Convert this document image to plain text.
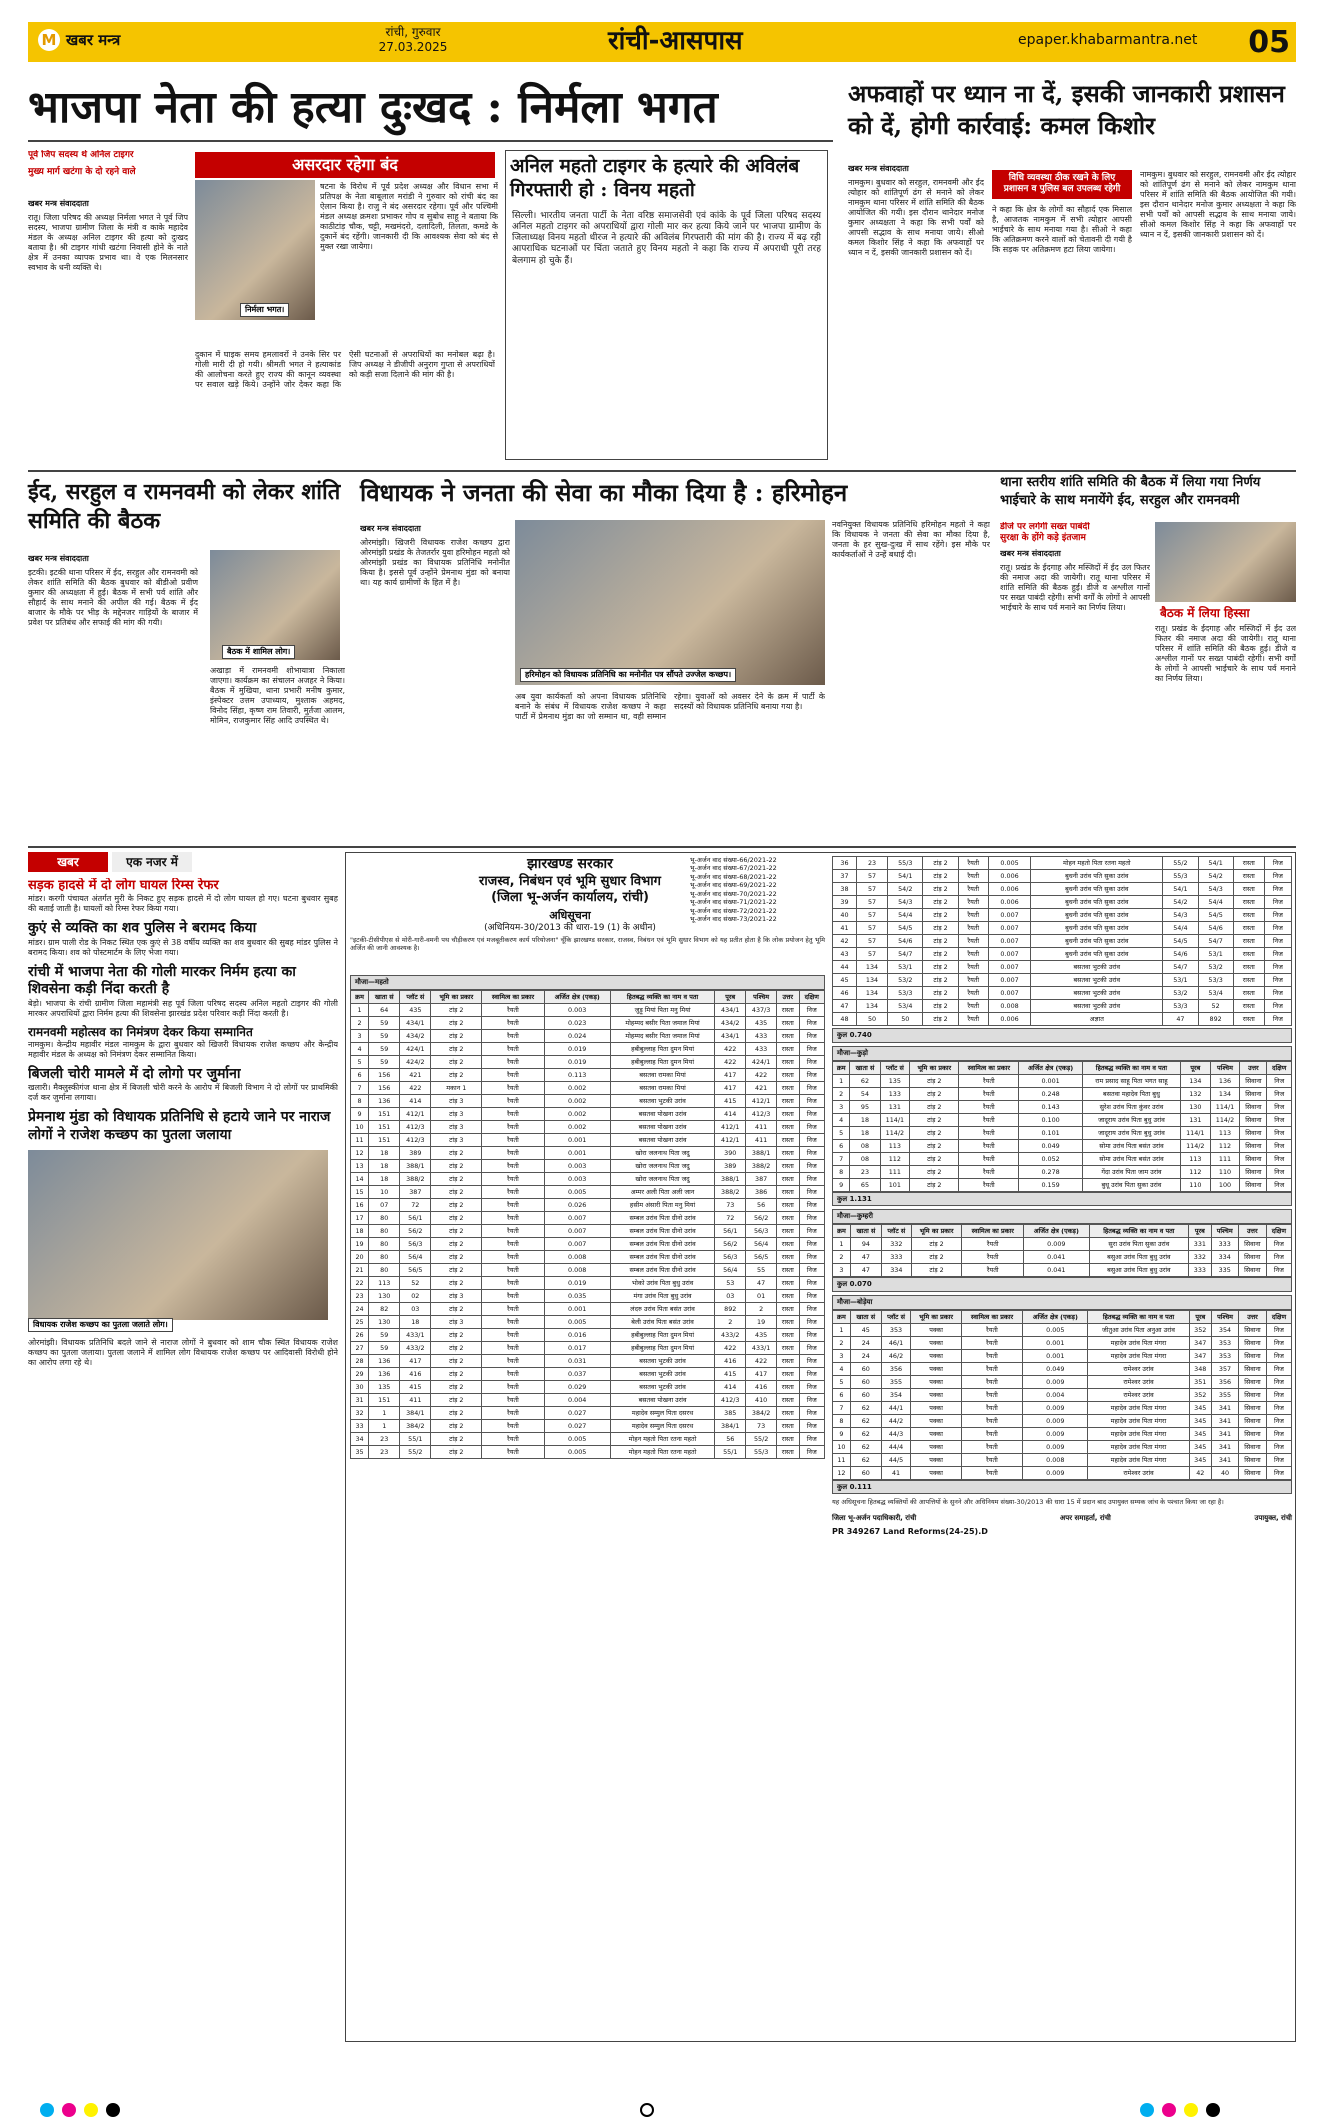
M खबर मन्त्र	रांची, गुरुवार
27.03.2025	रांची-आसपास	epaper.khabarmantra.net 05
भाजपा नेता की हत्या दुःखद : निर्मला भगत	अफवाहों पर ध्यान ना दें, इसकी जानकारी प्रशासन को दें, होगी कार्रवाई: कमल किशोर
पूर्व जिप सदस्य थे अनिल टाइगर
मुख्य मार्ग खटंगा के दो रहने वाले
खबर मन्त्र संवाददाता
रातू। जिला परिषद की अध्यक्ष निर्मला भगत ने पूर्व जिप सदस्य, भाजपा ग्रामीण जिला के मंत्री व काके महादेव मंडल के अध्यक्ष अनिल टाइगर की हत्या को दुःखद बताया है। श्री टाइगर गांधी खटंगा निवासी होने के नाते क्षेत्र में उनका व्यापक प्रभाव था। वे एक मिलनसार स्वभाव के धनी व्यक्ति थे।
असरदार रहेगा बंद
निर्मला भगत।
षटना के विरोध में पूर्व प्रदेश अध्यक्ष और विधान सभा में प्रतिपक्ष के नेता बाबूलाल मरांडी ने गुरुवार को रांची बंद का ऐलान किया है। राजु ने बंद असरदार रहेगा। पूर्व और पश्चिमी मंडल अध्यक्ष क्रमशः प्रभाकर गोप व सुबोध साहू ने बताया कि काठीटांड़ चौक, चट्टी, मखमंदरो, दलादिली, तिलता, कमडे के दुकानें बंद रहेंगी। जानकारी दी कि आवश्यक सेवा को बंद से मुक्त रखा जायेगा।
दुकान में घाइक समय हमलावरों ने उनके सिर पर गोली मारी दी हो गयी। श्रीमती भगत ने हत्याकांड की आलोचना करते हुए राज्य की कानून व्यवस्था पर सवाल खड़े किये। उन्होंने जोर देकर कहा कि ऐसी घटनाओं से अपराधियों का मनोबल बढ़ा है। जिप अध्यक्ष ने डीजीपी अनुराग गुप्ता से अपराधियों को कड़ी सजा दिलाने की मांग की है।
अनिल महतो टाइगर के हत्यारे की अविलंब गिरफ्तारी हो : विनय महतो
सिल्ली। भारतीय जनता पार्टी के नेता वरिष्ठ समाजसेवी एवं कांके के पूर्व जिला परिषद सदस्य अनिल महतो टाइगर को अपराधियों द्वारा गोली मार कर हत्या किये जाने पर भाजपा ग्रामीण के जिलाध्यक्ष विनय महतो धीरज ने हत्यारे की अविलंब गिरफ्तारी की मांग की है। राज्य में बढ़ रही आपराधिक घटनाओं पर चिंता जताते हुए विनय महतो ने कहा कि राज्य में अपराधी पूरी तरह बेलगाम हो चुके हैं।
खबर मन्त्र संवाददाता
नामकुम। बुधवार को सरहुल, रामनवमी और ईद त्योहार को शांतिपूर्ण ढंग से मनाने को लेकर नामकुम थाना परिसर में शांति समिति की बैठक आयोजित की गयी। इस दौरान थानेदार मनोज कुमार अध्यक्षता ने कहा कि सभी पर्वों को आपसी सद्भाव के साथ मनाया जाये। सीओ कमल किशोर सिंह ने कहा कि अफवाहों पर ध्यान न दें, इसकी जानकारी प्रशासन को दें।
विधि व्यवस्था ठीक रखने के लिए प्रशासन व पुलिस बल उपलब्ध रहेगी
ने कहा कि क्षेत्र के लोगों का सौहार्द एक मिसाल है, आजतक नामकुम में सभी त्योहार आपसी भाईचारे के साथ मनाया गया है। सीओ ने कहा कि अतिक्रमण करने वालों को चेतावनी दी गयी है कि सड़क पर अतिक्रमण हटा लिया जायेगा।
नामकुम। बुधवार को सरहुल, रामनवमी और ईद त्योहार को शांतिपूर्ण ढंग से मनाने को लेकर नामकुम थाना परिसर में शांति समिति की बैठक आयोजित की गयी। इस दौरान थानेदार मनोज कुमार अध्यक्षता ने कहा कि सभी पर्वों को आपसी सद्भाव के साथ मनाया जाये। सीओ कमल किशोर सिंह ने कहा कि अफवाहों पर ध्यान न दें, इसकी जानकारी प्रशासन को दें।
ईद, सरहुल व रामनवमी को लेकर शांति समिति की बैठक
खबर मन्त्र संवाददाता
इटकी। इटकी थाना परिसर में ईद, सरहुल और रामनवमी को लेकर शांति समिति की बैठक बुधवार को बीडीओ प्रवीण कुमार की अध्यक्षता में हुई। बैठक में सभी पर्व शांति और सौहार्द के साथ मनाने की अपील की गई। बैठक में ईद बाजार के मौके पर भीड़ के मद्देनजर गाड़ियों के बाजार में प्रवेश पर प्रतिबंध और सफाई की मांग की गयी।
बैठक में शामिल लोग।
अखाड़ा में रामनवमी शोभायात्रा निकाला जाएगा। कार्यक्रम का संचालन अजहर ने किया। बैठक में मुखिया, थाना प्रभारी मनीष कुमार, इंस्पेक्टर उत्तम उपाध्याय, मुश्ताक अहमद, विनोद सिंहा, कृष्ण राम तिवारी, मुर्तजा आलम, मोमिन, राजकुमार सिंह आदि उपस्थित थे।
विधायक ने जनता की सेवा का मौका दिया है : हरिमोहन
खबर मन्त्र संवाददाता
ओरमांझी। खिजरी विधायक राजेश कच्छप द्वारा ओरमांझी प्रखंड के तेजतर्रार युवा हरिमोहन महतो को ओरमांझी प्रखंड का विधायक प्रतिनिधि मनोनीत किया है। इससे पूर्व उन्होंने प्रेमनाथ मुंडा को बनाया था। यह कार्य ग्रामीणों के हित में है।
हरिमोहन को विधायक प्रतिनिधि का मनोनीत पत्र सौंपते उज्जेल कच्छप।
अब युवा कार्यकर्ता को अपना विधायक प्रतिनिधि बनाने के संबंध में विधायक राजेश कच्छप ने कहा पार्टी में प्रेमनाथ मुंडा का जो सम्मान था, वही सम्मान रहेगा। युवाओं को अवसर देने के क्रम में पार्टी के सदस्यों को विधायक प्रतिनिधि बनाया गया है।
नवनियुक्त विधायक प्रतिनिधि हरिमोहन महतो ने कहा कि विधायक ने जनता की सेवा का मौका दिया है, जनता के हर सुख-दुःख में साथ रहेंगे। इस मौके पर कार्यकर्ताओं ने उन्हें बधाई दी।
थाना स्तरीय शांति समिति की बैठक में लिया गया निर्णय भाईचारे के साथ मनायेंगे ईद, सरहुल और रामनवमी
डीजे पर लगेगी सख्त पाबंदी
सुरक्षा के होंगे कड़े इंतजाम
खबर मन्त्र संवाददाता
रातू। प्रखंड के ईदगाह और मस्जिदों में ईद उल फितर की नमाज अदा की जायेगी। रातू थाना परिसर में शांति समिति की बैठक हुई। डीजे व अश्लील गानों पर सख्त पाबंदी रहेगी। सभी वर्गों के लोगों ने आपसी भाईचारे के साथ पर्व मनाने का निर्णय लिया।	बैठक में लिया हिस्सा
रातू। प्रखंड के ईदगाह और मस्जिदों में ईद उल फितर की नमाज अदा की जायेगी। रातू थाना परिसर में शांति समिति की बैठक हुई। डीजे व अश्लील गानों पर सख्त पाबंदी रहेगी। सभी वर्गों के लोगों ने आपसी भाईचारे के साथ पर्व मनाने का निर्णय लिया।
खबर	एक नजर में
सड़क हादसे में दो लोग घायल रिम्स रेफर
मांडर। करगी पंचायत अंतर्गत मुरी के निकट हुए सड़क हादसे में दो लोग घायल हो गए। घटना बुधवार सुबह की बताई जाती है। घायलों को रिम्स रेफर किया गया।
कुएं से व्यक्ति का शव पुलिस ने बरामद किया
मांडर। ग्राम पाली रोड के निकट स्थित एक कुएं से 38 वर्षीय व्यक्ति का शव बुधवार की सुबह मांडर पुलिस ने बरामद किया। शव को पोस्टमार्टम के लिए भेजा गया।
रांची में भाजपा नेता की गोली मारकर निर्मम हत्या का शिवसेना कड़ी निंदा करती है
बेड़ो। भाजपा के रांची ग्रामीण जिला महामंत्री सह पूर्व जिला परिषद सदस्य अनिल महतो टाइगर की गोली मारकर अपराधियों द्वारा निर्मम हत्या की शिवसेना झारखंड प्रदेश परिवार कड़ी निंदा करती है।
रामनवमी महोत्सव का निमंत्रण देकर किया सम्मानित
नामकुम। केन्द्रीय महावीर मंडल नामकुम के द्वारा बुधवार को खिजरी विधायक राजेश कच्छप और केन्द्रीय महावीर मंडल के अध्यक्ष को निमंत्रण देकर सम्मानित किया।
बिजली चोरी मामले में दो लोगो पर जुर्माना
खलारी। मैक्लुस्कीगंज थाना क्षेत्र में बिजली चोरी करने के आरोप में बिजली विभाग ने दो लोगों पर प्राथमिकी दर्ज कर जुर्माना लगाया।
प्रेमनाथ मुंडा को विधायक प्रतिनिधि से हटाये जाने पर नाराज लोगों ने राजेश कच्छप का पुतला जलाया
विधायक राजेश कच्छप का पुतला जलाते लोग।
ओरमांझी। विधायक प्रतिनिधि बदले जाने से नाराज लोगों ने बुधवार को शाम चौक स्थित विधायक राजेश कच्छप का पुतला जलाया। पुतला जलाने में शामिल लोग विधायक राजेश कच्छप पर आदिवासी विरोधी होने का आरोप लगा रहे थे।
झारखण्ड सरकार
राजस्व, निबंधन एवं भूमि सुधार विभाग
(जिला भू-अर्जन कार्यालय, रांची)
अधिसूचना
(अधिनियम-30/2013 की धारा-19 (1) के अधीन)
भू-अर्जन वाद संख्या-66/2021-22
भू-अर्जन वाद संख्या-67/2021-22
भू-अर्जन वाद संख्या-68/2021-22
भू-अर्जन वाद संख्या-69/2021-22
भू-अर्जन वाद संख्या-70/2021-22
भू-अर्जन वाद संख्या-71/2021-22
भू-अर्जन वाद संख्या-72/2021-22
भू-अर्जन वाद संख्या-73/2021-22
"इटकी-टीसीपीएस से मोरी-गारी-वमनी पथ चौड़ीकरण एवं मजबूतीकरण कार्य परियोजना" चूँकि झारखण्ड सरकार, राजस्व, निबंधन एवं भूमि सुधार विभाग को यह प्रतीत होता है कि लोक प्रयोजन हेतु भूमि अर्जित की जानी आवश्यक है।
मौजा—महतो
क्रम	खाता सं	प्लॉट सं	भूमि का प्रकार	स्वामित्व का प्रकार	अर्जित क्षेत्र (एकड़)	हितबद्ध व्यक्ति का नाम व पता	पूरब	पश्चिम	उत्तर	दक्षिण
1	64	435	टांड़ 2	रैयती	0.003	जुड़ू मियां पिता मनु मियां	434/1	437/3	रास्ता	निज
2	59	434/1	टांड़ 2	रैयती	0.023	मोहम्मद बसीर पिता जमाल मियां	434/2	435	रास्ता	निज
3	59	434/2	टांड़ 2	रैयती	0.024	मोहम्मद बसीर पिता जमाल मियां	434/1	433	रास्ता	निज
4	59	424/1	टांड़ 2	रैयती	0.019	हबीबुल्लाह पिता दुमन मियां	422	433	रास्ता	निज
5	59	424/2	टांड़ 2	रैयती	0.019	हबीबुल्लाह पिता दुमन मियां	422	424/1	रास्ता	निज
6	156	421	टांड़ 2	रैयती	0.113	बसतवा रामका मियां	417	422	रास्ता	निज
7	156	422	मकान 1	रैयती	0.002	बसतवा रामका मियां	417	421	रास्ता	निज
8	136	414	टांड़ 3	रैयती	0.002	बसतवा भुटकी उरांव	415	412/1	रास्ता	निज
9	151	412/1	टांड़ 3	रैयती	0.002	बसतवा पोखना उरांव	414	412/3	रास्ता	निज
10	151	412/3	टांड़ 3	रैयती	0.002	बसतवा पोखना उरांव	412/1	411	रास्ता	निज
11	151	412/3	टांड़ 3	रैयती	0.001	बसतवा पोखना उरांव	412/1	411	रास्ता	निज
12	18	389	टांड़ 2	रैयती	0.001	खोरा जलनाथ पिता जदु	390	388/1	रास्ता	निज
13	18	388/1	टांड़ 2	रैयती	0.003	खोरा जलनाथ पिता जदु	389	388/2	रास्ता	निज
14	18	388/2	टांड़ 2	रैयती	0.003	खोरा जलनाथ पिता जदु	388/1	387	रास्ता	निज
15	10	387	टांड़ 2	रैयती	0.005	अम्मर अली पिता अली जान	388/2	386	रास्ता	निज
16	07	72	टांड़ 2	रैयती	0.026	हसीम अंसारी पिता मनु मियां	73	56	रास्ता	निज
17	80	56/1	टांड़ 2	रैयती	0.007	सम्बल उरांव पिता ग्रीनो उरांव	72	56/2	रास्ता	निज
18	80	56/2	टांड़ 2	रैयती	0.007	सम्बल उरांव पिता ग्रीनो उरांव	56/1	56/3	रास्ता	निज
19	80	56/3	टांड़ 2	रैयती	0.007	सम्बल उरांव पिता ग्रीनो उरांव	56/2	56/4	रास्ता	निज
20	80	56/4	टांड़ 2	रैयती	0.008	सम्बल उरांव पिता ग्रीनो उरांव	56/3	56/5	रास्ता	निज
21	80	56/5	टांड़ 2	रैयती	0.008	सम्बल उरांव पिता ग्रीनो उरांव	56/4	55	रास्ता	निज
22	113	52	टांड़ 2	रैयती	0.019	भोको उरांव पिता बुधु उरांव	53	47	रास्ता	निज
23	130	02	टांड़ 3	रैयती	0.035	मंगा उरांव पिता बुधु उरांव	03	01	रास्ता	निज
24	82	03	टांड़ 2	रैयती	0.001	लंदरु उरांव पिता बसंत उरांव	892	2	रास्ता	निज
25	130	18	टांड़ 3	रैयती	0.005	बेली उरांव पिता बसंत उरांव	2	19	रास्ता	निज
26	59	433/1	टांड़ 2	रैयती	0.016	हबीबुल्लाह पिता दुमन मियां	433/2	435	रास्ता	निज
27	59	433/2	टांड़ 2	रैयती	0.017	हबीबुल्लाह पिता दुमन मियां	422	433/1	रास्ता	निज
28	136	417	टांड़ 2	रैयती	0.031	बसतवा भुटकी उरांव	416	422	रास्ता	निज
29	136	416	टांड़ 2	रैयती	0.037	बसतवा भुटकी उरांव	415	417	रास्ता	निज
30	135	415	टांड़ 2	रैयती	0.029	बसतवा भुटकी उरांव	414	416	रास्ता	निज
31	151	411	टांड़ 2	रैयती	0.004	बसतवा पोखना उरांव	412/3	410	रास्ता	निज
32	1	384/1	टांड़ 2	रैयती	0.027	महादेव सम्मुल पिता दसरथ	385	384/2	रास्ता	निज
33	1	384/2	टांड़ 2	रैयती	0.027	महादेव सम्मुल पिता दसरथ	384/1	73	रास्ता	निज
34	23	55/1	टांड़ 2	रैयती	0.005	मोहन महतो पिता रतना महतो	56	55/2	रास्ता	निज
35	23	55/2	टांड़ 2	रैयती	0.005	मोहन महतो पिता रतना महतो	55/1	55/3	रास्ता	निज
36	23	55/3	टांड़ 2	रैयती	0.005	मोहन महतो पिता रतना महतो	55/2	54/1	रास्ता	निज
37	57	54/1	टांड़ 2	रैयती	0.006	बुधनी उरांव पति सुका उरांव	55/3	54/2	रास्ता	निज
38	57	54/2	टांड़ 2	रैयती	0.006	बुधनी उरांव पति सुका उरांव	54/1	54/3	रास्ता	निज
39	57	54/3	टांड़ 2	रैयती	0.006	बुधनी उरांव पति सुका उरांव	54/2	54/4	रास्ता	निज
40	57	54/4	टांड़ 2	रैयती	0.007	बुधनी उरांव पति सुका उरांव	54/3	54/5	रास्ता	निज
41	57	54/5	टांड़ 2	रैयती	0.007	बुधनी उरांव पति सुका उरांव	54/4	54/6	रास्ता	निज
42	57	54/6	टांड़ 2	रैयती	0.007	बुधनी उरांव पति सुका उरांव	54/5	54/7	रास्ता	निज
43	57	54/7	टांड़ 2	रैयती	0.007	बुधनी उरांव पति सुका उरांव	54/6	53/1	रास्ता	निज
44	134	53/1	टांड़ 2	रैयती	0.007	बसतवा भुटकी उरांव	54/7	53/2	रास्ता	निज
45	134	53/2	टांड़ 2	रैयती	0.007	बसतवा भुटकी उरांव	53/1	53/3	रास्ता	निज
46	134	53/3	टांड़ 2	रैयती	0.007	बसतवा भुटकी उरांव	53/2	53/4	रास्ता	निज
47	134	53/4	टांड़ 2	रैयती	0.008	बसतवा भुटकी उरांव	53/3	52	रास्ता	निज
48	50	50	टांड़ 2	रैयती	0.006	अज्ञात	47	892	रास्ता	निज
कुल 0.740
मौजा—कुड़ो
क्रम	खाता सं	प्लॉट सं	भूमि का प्रकार	स्वामित्व का प्रकार	अर्जित क्षेत्र (एकड़)	हितबद्ध व्यक्ति का नाम व पता	पूरब	पश्चिम	उत्तर	दक्षिण
1	62	135	टांड़ 2	रैयती	0.001	राम प्रसाद साहू पिता भगत साहू	134	136	सिवाना	निज
2	54	133	टांड़ 2	रैयती	0.248	बसतवा महादेव पिता बुधु	132	134	सिवाना	निज
3	95	131	टांड़ 2	रैयती	0.143	सुरेश उरांव पिता कुंवर उरांव	130	114/1	सिवाना	निज
4	18	114/1	टांड़ 2	रैयती	0.100	जादूराय उरांव पिता बुधु उरांव	131	114/2	सिवाना	निज
5	18	114/2	टांड़ 2	रैयती	0.101	जादूराय उरांव पिता बुधु उरांव	114/1	113	सिवाना	निज
6	08	113	टांड़ 2	रैयती	0.049	सोमा उरांव पिता बसंत उरांव	114/2	112	सिवाना	निज
7	08	112	टांड़ 2	रैयती	0.052	सोमा उरांव पिता बसंत उरांव	113	111	सिवाना	निज
8	23	111	टांड़ 2	रैयती	0.278	गेंदा उरांव पिता जाम उरांव	112	110	सिवाना	निज
9	65	101	टांड़ 2	रैयती	0.159	बुधू उरांव पिता सुका उरांव	110	100	सिवाना	निज
कुल 1.131
मौजा—कुम्हरी
क्रम	खाता सं	प्लॉट सं	भूमि का प्रकार	स्वामित्व का प्रकार	अर्जित क्षेत्र (एकड़)	हितबद्ध व्यक्ति का नाम व पता	पूरब	पश्चिम	उत्तर	दक्षिण
1	94	332	टांड़ 2	रैयती	0.009	सुरा उरांव पिता सुका उरांव	331	333	सिवाना	निज
2	47	333	टांड़ 2	रैयती	0.041	बसुआ उरांव पिता बुधु उरांव	332	334	सिवाना	निज
3	47	334	टांड़ 2	रैयती	0.041	बसुआ उरांव पिता बुधु उरांव	333	335	सिवाना	निज
कुल 0.070
मौजा—बोड़ेया
क्रम	खाता सं	प्लॉट सं	भूमि का प्रकार	स्वामित्व का प्रकार	अर्जित क्षेत्र (एकड़)	हितबद्ध व्यक्ति का नाम व पता	पूरब	पश्चिम	उत्तर	दक्षिण
1	45	353	पक्का	रैयती	0.005	जीतुआ उरांव पिता अनुआ उरांव	352	354	सिवाना	निज
2	24	46/1	पक्का	रैयती	0.001	महादेव उरांव पिता मंगरा	347	353	सिवाना	निज
3	24	46/2	पक्का	रैयती	0.001	महादेव उरांव पिता मंगरा	347	353	सिवाना	निज
4	60	356	पक्का	रैयती	0.049	रामेश्वर उरांव	348	357	सिवाना	निज
5	60	355	पक्का	रैयती	0.009	रामेश्वर उरांव	351	356	सिवाना	निज
6	60	354	पक्का	रैयती	0.004	रामेश्वर उरांव	352	355	सिवाना	निज
7	62	44/1	पक्का	रैयती	0.009	महादेव उरांव पिता मंगरा	345	341	सिवाना	निज
8	62	44/2	पक्का	रैयती	0.009	महादेव उरांव पिता मंगरा	345	341	सिवाना	निज
9	62	44/3	पक्का	रैयती	0.009	महादेव उरांव पिता मंगरा	345	341	सिवाना	निज
10	62	44/4	पक्का	रैयती	0.009	महादेव उरांव पिता मंगरा	345	341	सिवाना	निज
11	62	44/5	पक्का	रैयती	0.008	महादेव उरांव पिता मंगरा	345	341	सिवाना	निज
12	60	41	पक्का	रैयती	0.009	रामेश्वर उरांव	42	40	सिवाना	निज
कुल 0.111
यह अधिसूचना हितबद्ध व्यक्तियों की आपत्तियों के सुनने और अधिनियम संख्या-30/2013 की धारा 15 में प्रदान बाद उपायुक्त सम्यक जांच के पश्चात किया जा रहा है।
जिला भू-अर्जन पदाधिकारी, रांची	अपर समाहर्ता, रांची	उपायुक्त, रांची
PR 349267 Land Reforms(24-25).D
